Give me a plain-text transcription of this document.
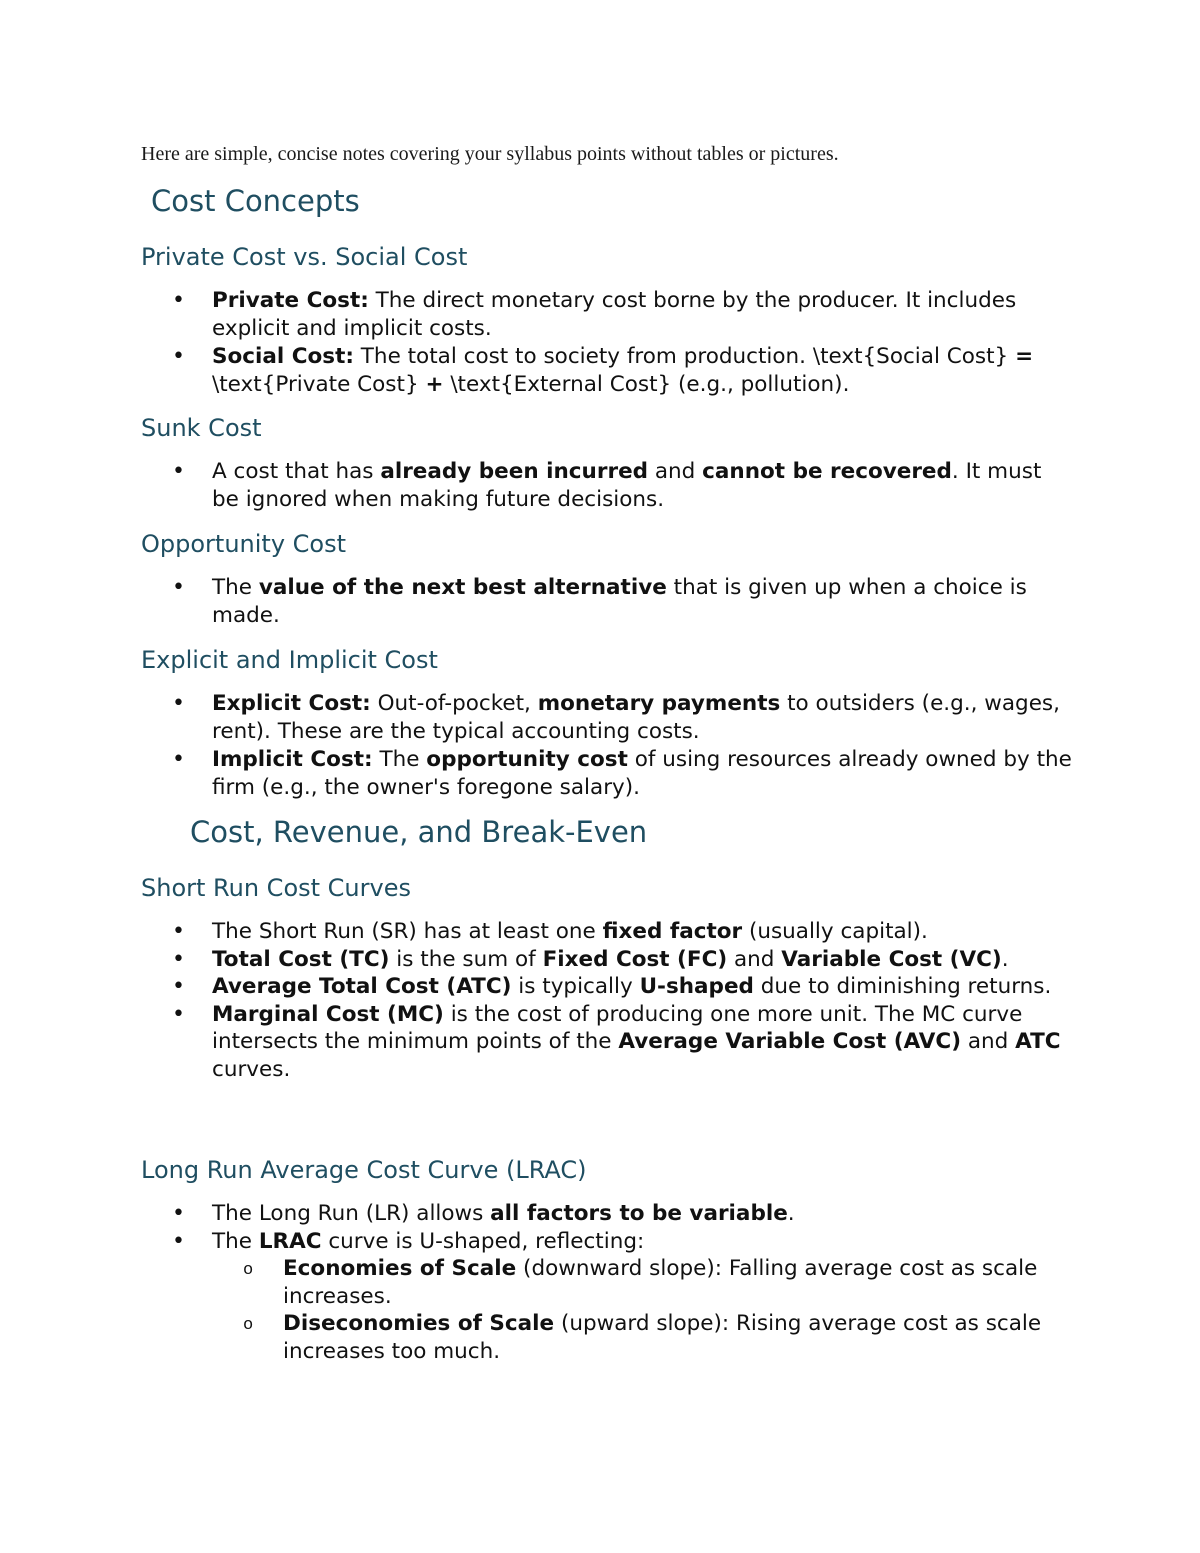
Here are simple, concise notes covering your syllabus points without tables or pictures.

Cost Concepts
Private Cost vs. Social Cost
• Private Cost: The direct monetary cost borne by the producer. It includes explicit and implicit costs.
• Social Cost: The total cost to society from production. \text{Social Cost} = \text{Private Cost} + \text{External Cost} (e.g., pollution).
Sunk Cost
• A cost that has already been incurred and cannot be recovered. It must be ignored when making future decisions.
Opportunity Cost
• The value of the next best alternative that is given up when a choice is made.
Explicit and Implicit Cost
• Explicit Cost: Out-of-pocket, monetary payments to outsiders (e.g., wages, rent). These are the typical accounting costs.
• Implicit Cost: The opportunity cost of using resources already owned by the firm (e.g., the owner's foregone salary).
Cost, Revenue, and Break-Even
Short Run Cost Curves
• The Short Run (SR) has at least one fixed factor (usually capital).
• Total Cost (TC) is the sum of Fixed Cost (FC) and Variable Cost (VC).
• Average Total Cost (ATC) is typically U-shaped due to diminishing returns.
• Marginal Cost (MC) is the cost of producing one more unit. The MC curve intersects the minimum points of the Average Variable Cost (AVC) and ATC curves.
Long Run Average Cost Curve (LRAC)
• The Long Run (LR) allows all factors to be variable.
• The LRAC curve is U-shaped, reflecting:
o Economies of Scale (downward slope): Falling average cost as scale increases.
o Diseconomies of Scale (upward slope): Rising average cost as scale increases too much.
